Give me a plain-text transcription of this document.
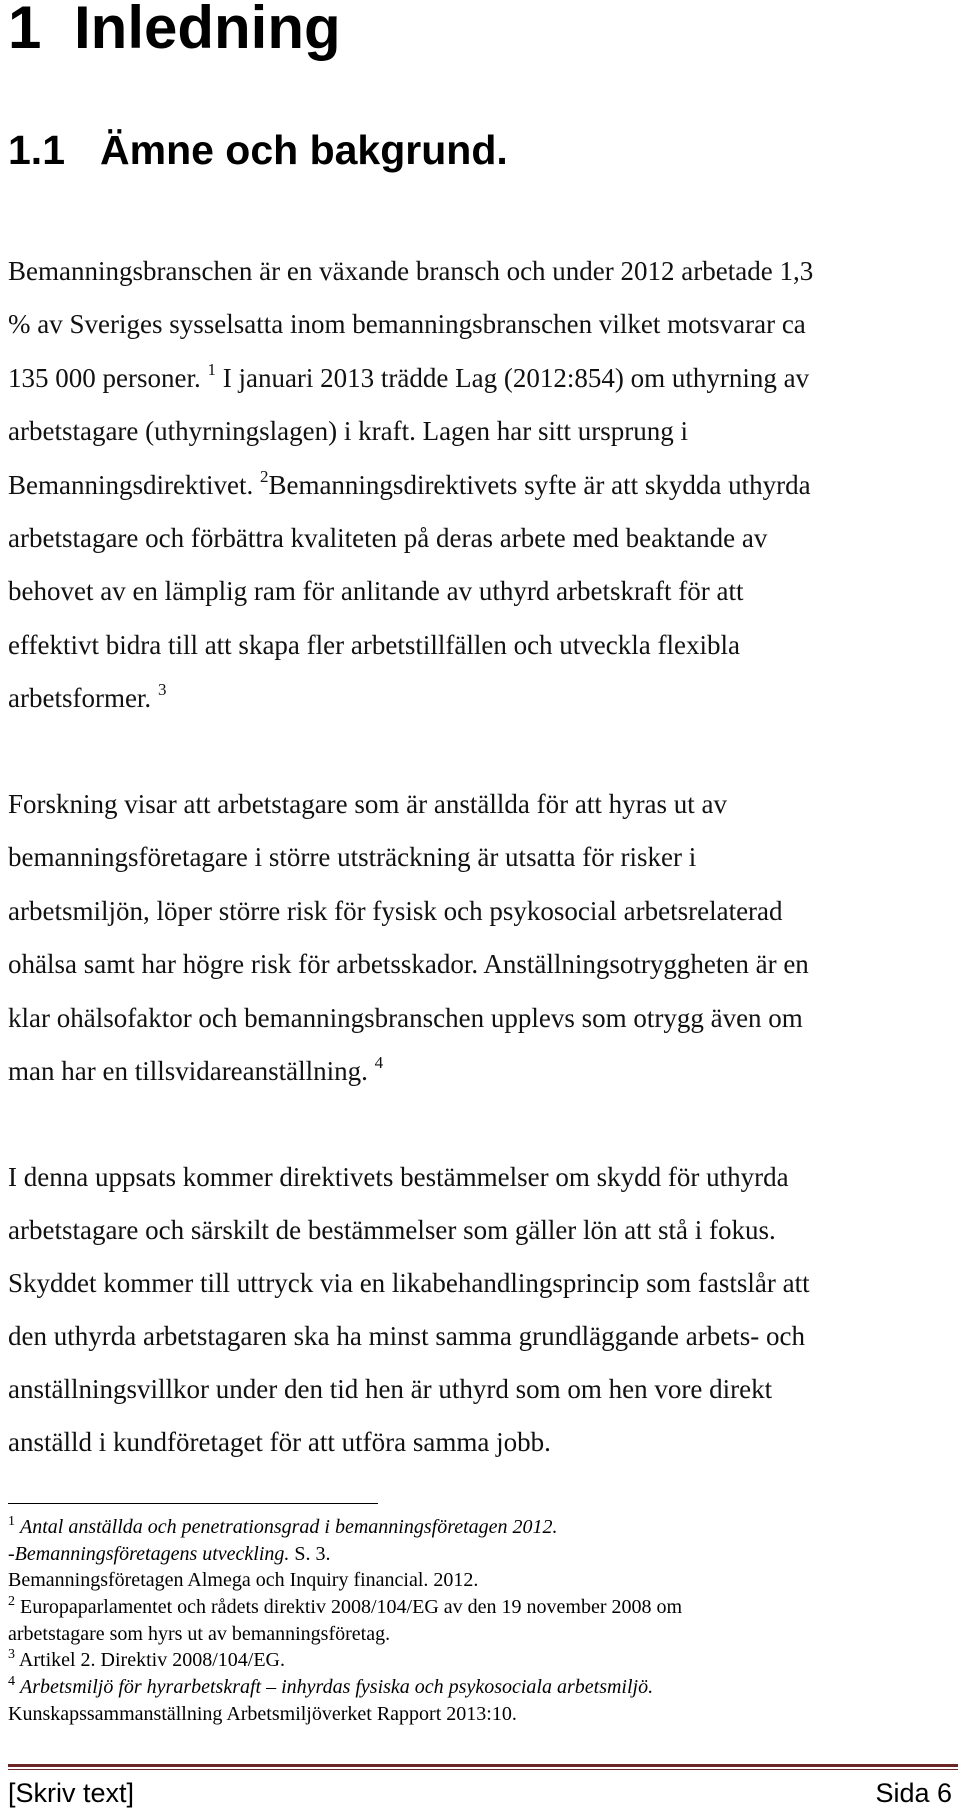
1 Inledning
1.1 Ämne och bakgrund.
Bemanningsbranschen är en växande bransch och under 2012 arbetade 1,3
% av Sveriges sysselsatta inom bemanningsbranschen vilket motsvarar ca
135 000 personer. $^1$ I januari 2013 trädde Lag (2012:854) om uthyrning av
arbetstagare (uthyrningslagen) i kraft. Lagen har sitt ursprung i
Bemanningsdirektivet. $^2$Bemanningsdirektivets syfte är att skydda uthyrda
arbetstagare och förbättra kvaliteten på deras arbete med beaktande av
behovet av en lämplig ram för anlitande av uthyrd arbetskraft för att
effektivt bidra till att skapa fler arbetstillfällen och utveckla flexibla
arbetsformer. $^3$
Forskning visar att arbetstagare som är anställda för att hyras ut av
bemanningsföretagare i större utsträckning är utsatta för risker i
arbetsmiljön, löper större risk för fysisk och psykosocial arbetsrelaterad
ohälsa samt har högre risk för arbetsskador. Anställningsotryggheten är en
klar ohälsofaktor och bemanningsbranschen upplevs som otrygg även om
man har en tillsvidareanställning. $^4$
I denna uppsats kommer direktivets bestämmelser om skydd för uthyrda
arbetstagare och särskilt de bestämmelser som gäller lön att stå i fokus.
Skyddet kommer till uttryck via en likabehandlingsprincip som fastslår att
den uthyrda arbetstagaren ska ha minst samma grundläggande arbets- och
anställningsvillkor under den tid hen är uthyrd som om hen vore direkt
anställd i kundföretaget för att utföra samma jobb.
$^1$ Antal anställda och penetrationsgrad i bemanningsföretagen 2012.
-Bemanningsföretagens utveckling. S. 3.
Bemanningsföretagen Almega och Inquiry financial. 2012.
$^2$ Europaparlamentet och rådets direktiv 2008/104/EG av den 19 november 2008 om
arbetstagare som hyrs ut av bemanningsföretag.
$^3$ Artikel 2. Direktiv 2008/104/EG.
$^4$ Arbetsmiljö för hyrarbetskraft – inhyrdas fysiska och psykosociala arbetsmiljö.
Kunskapssammanställning Arbetsmiljöverket Rapport 2013:10.
[Skriv text]	Sida 6
